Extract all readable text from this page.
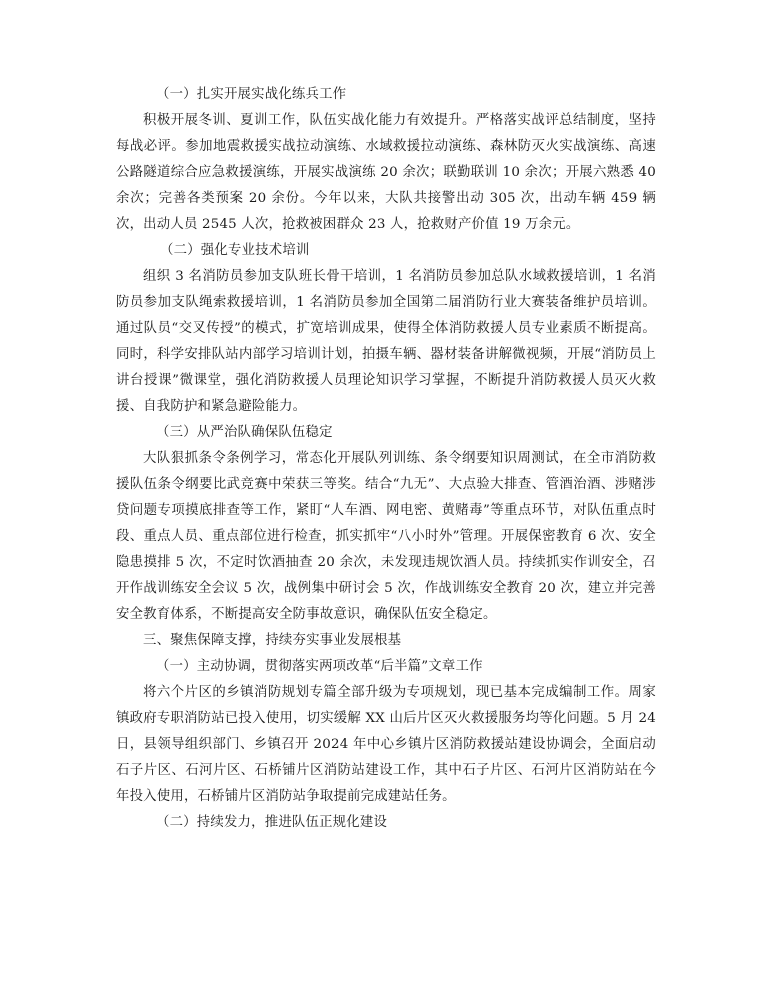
（一）扎实开展实战化练兵工作

积极开展冬训、夏训工作，队伍实战化能力有效提升。严格落实战评总结制度，坚持每战必评。参加地震救援实战拉动演练、水域救援拉动演练、森林防灭火实战演练、高速公路隧道综合应急救援演练，开展实战演练 20 余次；联勤联训 10 余次；开展六熟悉 40 余次；完善各类预案 20 余份。今年以来，大队共接警出动 305 次，出动车辆 459 辆次，出动人员 2545 人次，抢救被困群众 23 人，抢救财产价值 19 万余元。

（二）强化专业技术培训

组织 3 名消防员参加支队班长骨干培训，1 名消防员参加总队水域救援培训，1 名消防员参加支队绳索救援培训，1 名消防员参加全国第二届消防行业大赛装备维护员培训。通过队员“交叉传授”的模式，扩宽培训成果，使得全体消防救援人员专业素质不断提高。同时，科学安排队站内部学习培训计划，拍摄车辆、器材装备讲解微视频，开展“消防员上讲台授课”微课堂，强化消防救援人员理论知识学习掌握，不断提升消防救援人员灭火救援、自我防护和紧急避险能力。

（三）从严治队确保队伍稳定

大队狠抓条令条例学习，常态化开展队列训练、条令纲要知识周测试，在全市消防救援队伍条令纲要比武竞赛中荣获三等奖。结合“九无”、大点验大排查、管酒治酒、涉赌涉贷问题专项摸底排查等工作，紧盯“人车酒、网电密、黄赌毒”等重点环节，对队伍重点时段、重点人员、重点部位进行检查，抓实抓牢“八小时外”管理。开展保密教育 6 次、安全隐患摸排 5 次，不定时饮酒抽查 20 余次，未发现违规饮酒人员。持续抓实作训安全，召开作战训练安全会议 5 次，战例集中研讨会 5 次，作战训练安全教育 20 次，建立并完善安全教育体系，不断提高安全防事故意识，确保队伍安全稳定。

三、聚焦保障支撑，持续夯实事业发展根基

（一）主动协调，贯彻落实两项改革“后半篇”文章工作

将六个片区的乡镇消防规划专篇全部升级为专项规划，现已基本完成编制工作。周家镇政府专职消防站已投入使用，切实缓解 XX 山后片区灭火救援服务均等化问题。5 月 24 日，县领导组织部门、乡镇召开 2024 年中心乡镇片区消防救援站建设协调会，全面启动石子片区、石河片区、石桥铺片区消防站建设工作，其中石子片区、石河片区消防站在今年投入使用，石桥铺片区消防站争取提前完成建站任务。

（二）持续发力，推进队伍正规化建设
